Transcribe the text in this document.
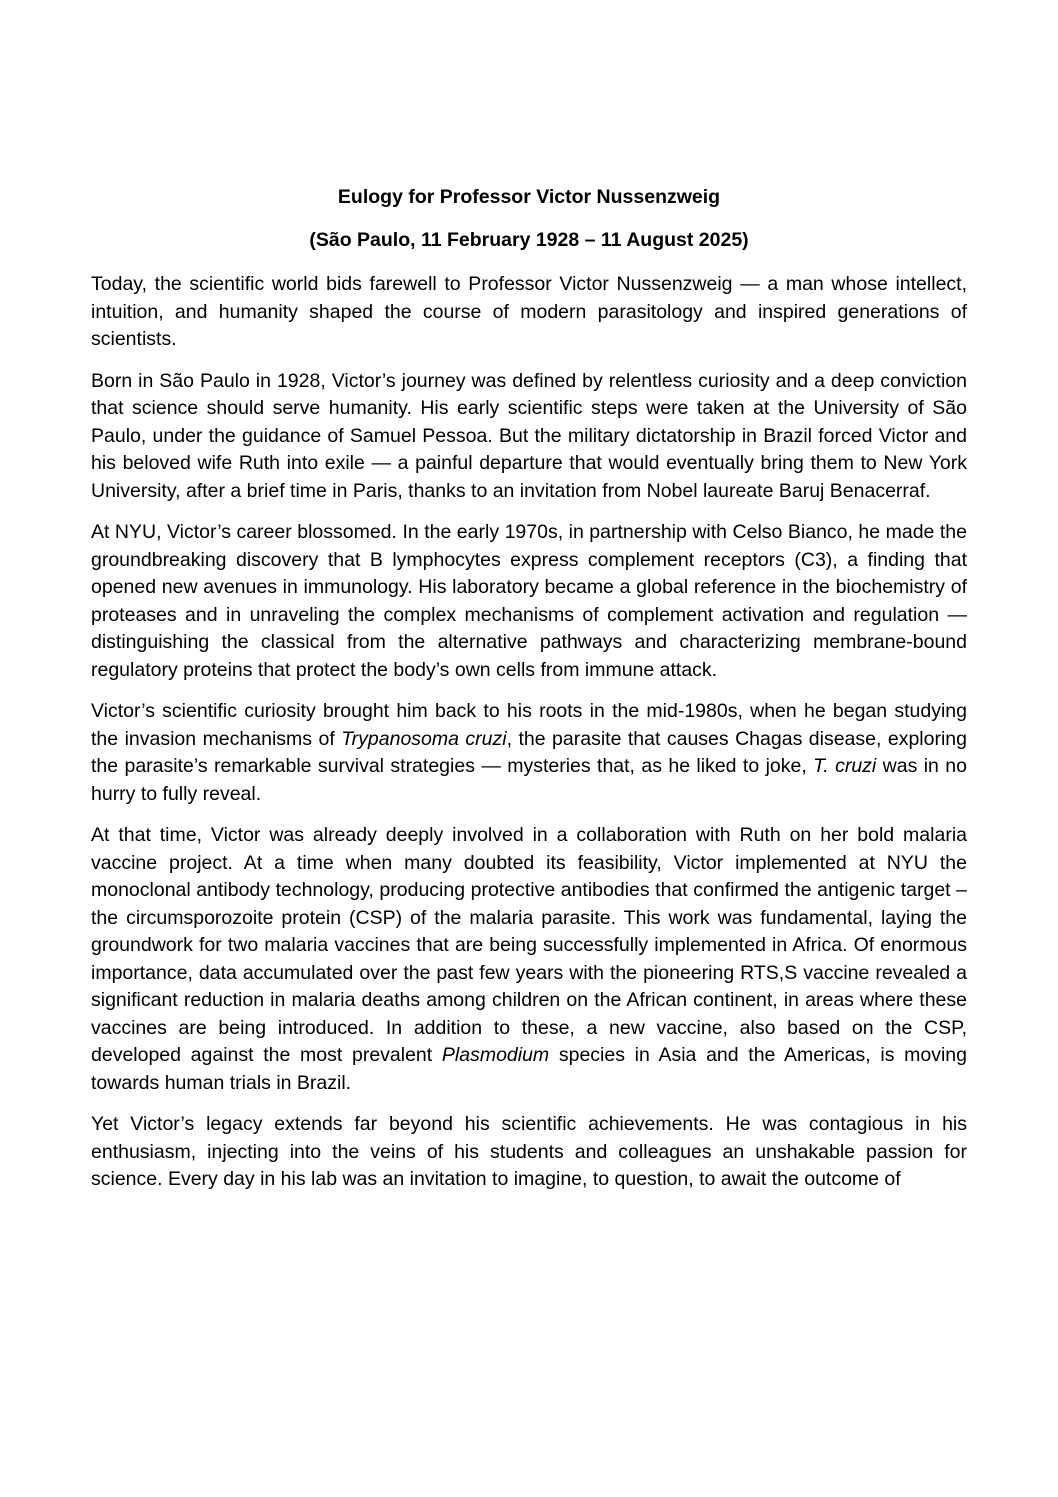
Eulogy for Professor Victor Nussenzweig
(São Paulo, 11 February 1928 – 11 August 2025)

Today, the scientific world bids farewell to Professor Victor Nussenzweig — a man whose intellect, intuition, and humanity shaped the course of modern parasitology and inspired generations of scientists.

Born in São Paulo in 1928, Victor’s journey was defined by relentless curiosity and a deep conviction that science should serve humanity. His early scientific steps were taken at the University of São Paulo, under the guidance of Samuel Pessoa. But the military dictatorship in Brazil forced Victor and his beloved wife Ruth into exile — a painful departure that would eventually bring them to New York University, after a brief time in Paris, thanks to an invitation from Nobel laureate Baruj Benacerraf.

At NYU, Victor’s career blossomed. In the early 1970s, in partnership with Celso Bianco, he made the groundbreaking discovery that B lymphocytes express complement receptors (C3), a finding that opened new avenues in immunology. His laboratory became a global reference in the biochemistry of proteases and in unraveling the complex mechanisms of complement activation and regulation — distinguishing the classical from the alternative pathways and characterizing membrane-bound regulatory proteins that protect the body’s own cells from immune attack.

Victor’s scientific curiosity brought him back to his roots in the mid-1980s, when he began studying the invasion mechanisms of Trypanosoma cruzi, the parasite that causes Chagas disease, exploring the parasite’s remarkable survival strategies — mysteries that, as he liked to joke, T. cruzi was in no hurry to fully reveal.

At that time, Victor was already deeply involved in a collaboration with Ruth on her bold malaria vaccine project. At a time when many doubted its feasibility, Victor implemented at NYU the monoclonal antibody technology, producing protective antibodies that confirmed the antigenic target – the circumsporozoite protein (CSP) of the malaria parasite. This work was fundamental, laying the groundwork for two malaria vaccines that are being successfully implemented in Africa. Of enormous importance, data accumulated over the past few years with the pioneering RTS,S vaccine revealed a significant reduction in malaria deaths among children on the African continent, in areas where these vaccines are being introduced. In addition to these, a new vaccine, also based on the CSP, developed against the most prevalent Plasmodium species in Asia and the Americas, is moving towards human trials in Brazil.

Yet Victor’s legacy extends far beyond his scientific achievements. He was contagious in his enthusiasm, injecting into the veins of his students and colleagues an unshakable passion for science. Every day in his lab was an invitation to imagine, to question, to await the outcome of
